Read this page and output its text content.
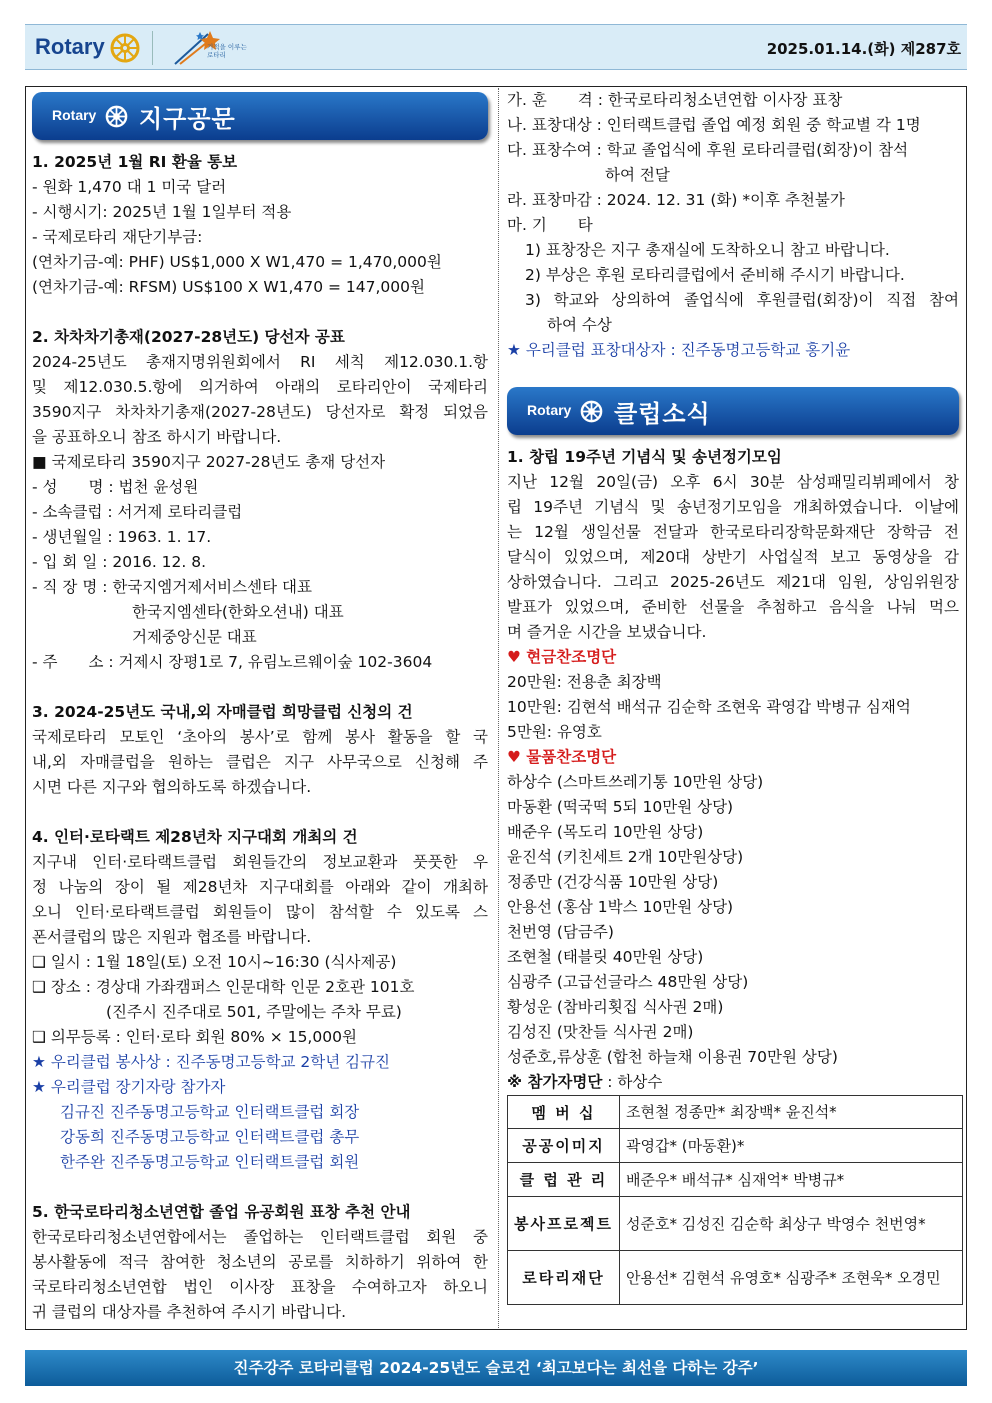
Rotary	기적을 이루는 로타리	2025.01.14.(화) 제287호
Rotary 지구공문
1. 2025년 1월 RI 환율 통보
- 원화 1,470 대 1 미국 달러
- 시행시기: 2025년 1월 1일부터 적용
- 국제로타리 재단기부금:
(연차기금-예: PHF) US$1,000 X W1,470 = 1,470,000원
(연차기금-예: RFSM) US$100 X W1,470 = 147,000원
2. 차차차기총재(2027-28년도) 당선자 공표
2024-25년도 총재지명위원회에서 RI 세칙 제12.030.1.항
및 제12.030.5.항에 의거하여 아래의 로타리안이 국제타리
3590지구 차차차기총재(2027-28년도) 당선자로 확정 되었음
을 공표하오니 참조 하시기 바랍니다.
■ 국제로타리 3590지구 2027-28년도 총재 당선자
- 성　　명 : 법천 윤성원
- 소속클럽 : 서거제 로타리클럽
- 생년월일 : 1963. 1. 17.
- 입 회 일 : 2016. 12. 8.
- 직 장 명 : 한국지엠거제서비스센타 대표
한국지엠센타(한화오션내) 대표
거제중앙신문 대표
- 주　　소 : 거제시 장평1로 7, 유림노르웨이숲 102-3604
3. 2024-25년도 국내,외 자매클럽 희망클럽 신청의 건
국제로타리 모토인 ‘초아의 봉사’로 함께 봉사 활동을 할 국
내,외 자매클럽을 원하는 클럽은 지구 사무국으로 신청해 주
시면 다른 지구와 협의하도록 하겠습니다.
4. 인터·로타랙트 제28년차 지구대회 개최의 건
지구내 인터·로타랙트클럽 회원들간의 정보교환과 풋풋한 우
정 나눔의 장이 될 제28년차 지구대회를 아래와 같이 개최하
오니 인터·로타랙트클럽 회원들이 많이 참석할 수 있도록 스
폰서클럽의 많은 지원과 협조를 바랍니다.
❑ 일시 : 1월 18일(토) 오전 10시~16:30 (식사제공)
❑ 장소 : 경상대 가좌캠퍼스 인문대학 인문 2호관 101호
(진주시 진주대로 501, 주말에는 주차 무료)
❑ 의무등록 : 인터·로타 회원 80% × 15,000원
★ 우리클럽 봉사상 : 진주동명고등학교 2학년 김규진
★ 우리클럽 장기자랑 참가자
김규진 진주동명고등학교 인터랙트클럽 회장
강동희 진주동명고등학교 인터랙트클럽 총무
한주완 진주동명고등학교 인터랙트클럽 회원
5. 한국로타리청소년연합 졸업 유공회원 표창 추천 안내
한국로타리청소년연합에서는 졸업하는 인터랙트클럽 회원 중
봉사활동에 적극 참여한 청소년의 공로를 치하하기 위하여 한
국로타리청소년연합 법인 이사장 표창을 수여하고자 하오니
귀 클럽의 대상자를 추천하여 주시기 바랍니다.
가. 훈　　격 : 한국로타리청소년연합 이사장 표창
나. 표창대상 : 인터랙트클럽 졸업 예정 회원 중 학교별 각 1명
다. 표창수여 : 학교 졸업식에 후원 로타리클럽(회장)이 참석
하여 전달
라. 표창마감 : 2024. 12. 31 (화) *이후 추천불가
마. 기　　타
1) 표창장은 지구 총재실에 도착하오니 참고 바랍니다.
2) 부상은 후원 로타리클럽에서 준비해 주시기 바랍니다.
3) 학교와 상의하여 졸업식에 후원클럽(회장)이 직접 참여
하여 수상
★ 우리클럽 표창대상자 : 진주동명고등학교 홍기윤
Rotary 클럽소식
1. 창립 19주년 기념식 및 송년정기모임
지난 12월 20일(금) 오후 6시 30분 삼성패밀리뷔페에서 창
립 19주년 기념식 및 송년정기모임을 개최하였습니다. 이날에
는 12월 생일선물 전달과 한국로타리장학문화재단 장학금 전
달식이 있었으며, 제20대 상반기 사업실적 보고 동영상을 감
상하였습니다. 그리고 2025-26년도 제21대 임원, 상임위원장
발표가 있었으며, 준비한 선물을 추첨하고 음식을 나눠 먹으
며 즐거운 시간을 보냈습니다.
♥ 현금찬조명단
20만원: 전용춘 최장백
10만원: 김현석 배석규 김순학 조현욱 곽영갑 박병규 심재억
5만원: 유영호
♥ 물품찬조명단
하상수 (스마트쓰레기통 10만원 상당)
마동환 (떡국떡 5되 10만원 상당)
배준우 (목도리 10만원 상당)
윤진석 (키친세트 2개 10만원상당)
정종만 (건강식품 10만원 상당)
안용선 (홍삼 1박스 10만원 상당)
천번영 (담금주)
조현철 (태블릿 40만원 상당)
심광주 (고급선글라스 48만원 상당)
황성운 (참바리횟집 식사권 2매)
김성진 (맛찬들 식사권 2매)
성준호,류상훈 (합천 하늘채 이용권 70만원 상당)
※ 참가자명단 : 하상수
멤 버 십	조현철 정종만* 최장백* 윤진석*
공공이미지	곽영갑* (마동환)*
클 럽 관 리	배준우* 배석규* 심재억* 박병규*
봉사프로젝트	성준호* 김성진 김순학 최상구 박영수 천번영*
로타리재단	안용선* 김현석 유영호* 심광주* 조현욱* 오경민
진주강주 로타리클럽 2024-25년도 슬로건 ‘최고보다는 최선을 다하는 강주’
